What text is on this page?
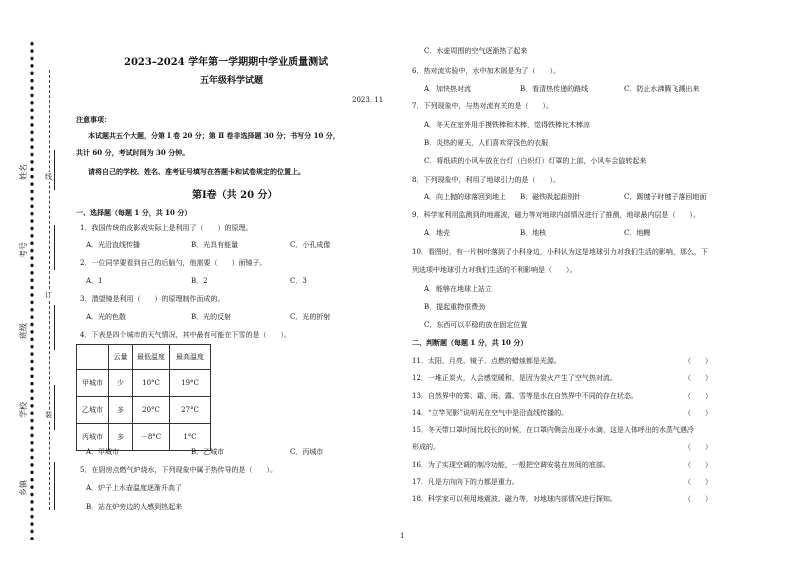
姓名
考号
班级
学校
乡镇
线
订
装
2023–2024 学年第一学期期中学业质量测试
五年级科学试题
2023. 11
注意事项：
本试题共五个大题，分第 Ⅰ 卷 20 分；第 Ⅱ 卷非选择题 30 分；书写分 10 分，
共计 60 分，考试时间为 30 分钟。
请将自己的学校、姓名、准考证号填写在答题卡和试卷规定的位置上。
第Ⅰ卷（共 20 分）
一、选择题（每题 1 分，共 10 分）
1．我国传统的皮影戏实际上是利用了（　　）的原理。
A．光沿直线传播	B．光具有能量	C．小孔成像
2．一位同学要看到自己的后脑勺，他需要（　　）面镜子。
A．1	B．2	C．3
3．潜望镜是利用（　　）的原理制作而成的。
A．光的色散	B．光的反射	C．光的折射
4．下表是四个城市的天气情况，其中最有可能在下雪的是（　　）。
	云量	最低温度	最高温度
甲城市	少	10°C	19°C
乙城市	多	20°C	27°C
丙城市	多	－8°C	1°C
A．甲城市	B．乙城市	C．丙城市
5．在厨房点燃气炉烧水，下列现象中属于热传导的是（　　）。
A．炉子上水壶温度逐渐升高了
B．站在炉旁边的人感到热起来
C．水壶周围的空气逐渐热了起来
6．热对流实验中，水中加木屑是为了（　　）。
A．加快热对流	B．看清热传递的路线	C．防止水沸腾飞溅出来
7．下列现象中，与热对流有关的是（　　）。
A．冬天在室外用手摸铁棒和木棒，觉得铁棒比木棒凉
B．炎热的夏天，人们喜欢穿浅色的衣服
C．将纸质的小风车放在台灯（白炽灯）灯罩的上部，小风车会旋转起来
8．下列现象中，利用了地球引力的是（　　）。
A．向上抛的球落回到地上 B．磁铁吸起曲别针	C．踢毽子时毽子落回地面
9．科学家利用监测到的地震波，磁力等对地球内部情况进行了推测，地球最内层是（　　）。
A．地壳	B．地核	C．地幔
10．看图时，有一片树叶落到了小科身边，小科认为这是地球引力对我们生活的影响，那么，下
列选项中地球引力对我们生活的不利影响是（　　）。
A．能够在地球上站立
B．提起重物很费劲
C．东西可以平稳的放在固定位置
二、判断题（每题 1 分，共 10 分）
11．太阳、月亮、镜子、点燃的蜡烛都是光源。	（　　）
12．一堆正炭火，人会感觉暖和，是因为炭火产生了空气热对流。	（　　）
13．自然界中的雾、霜、雨、露、雪等是水在自然界中不同的存在状态。	（　　）
14．“立竿见影”说明光在空气中是沿直线传播的。	（　　）
15．冬天带口罩时间比较长的时候，在口罩内侧会出现小水滴，这是人体呼出的水蒸气遇冷
形成的。	（　　）
16．为了实现空调的制冷功能，一般把空调安装在房间的底部。	（　　）
17．凡是方向向下的力都是重力。	（　　）
18．科学家可以利用地震波、磁力等，对地球内部情况进行探知。	（　　）
1
